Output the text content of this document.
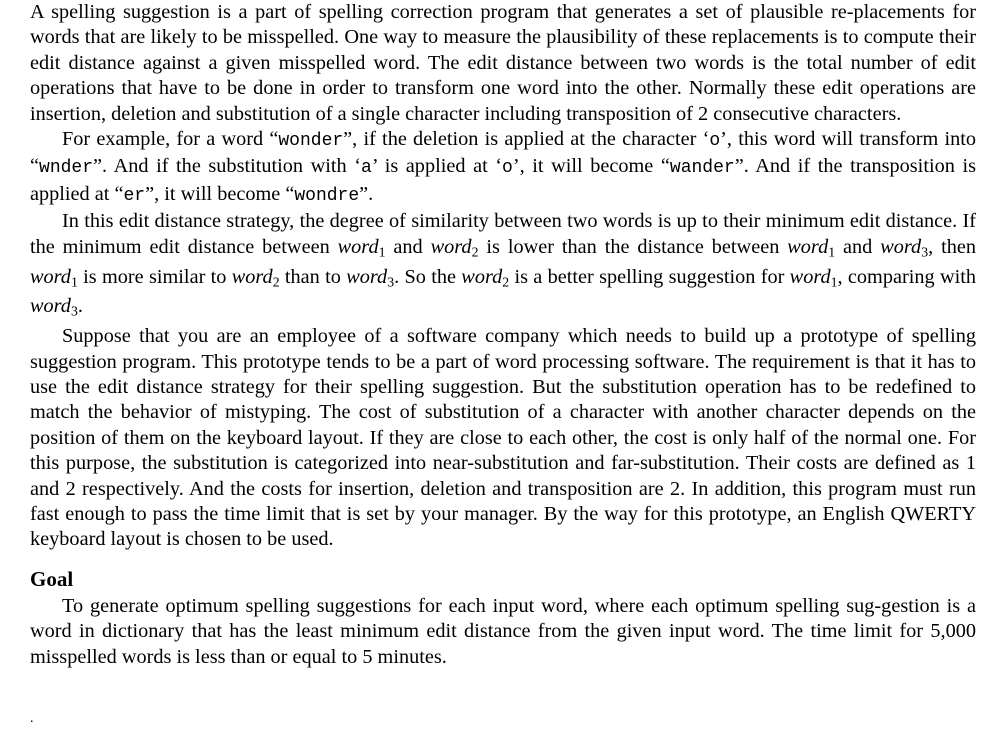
A spelling suggestion is a part of spelling correction program that generates a set of plausible re-placements for words that are likely to be misspelled. One way to measure the plausibility of these replacements is to compute their edit distance against a given misspelled word. The edit distance between two words is the total number of edit operations that have to be done in order to transform one word into the other. Normally these edit operations are insertion, deletion and substitution of a single character including transposition of 2 consecutive characters.

For example, for a word “wonder”, if the deletion is applied at the character ‘o’, this word will transform into “wnder”. And if the substitution with ‘a’ is applied at ‘o’, it will become “wander”. And if the transposition is applied at “er”, it will become “wondre”.

In this edit distance strategy, the degree of similarity between two words is up to their minimum edit distance. If the minimum edit distance between word$_1$ and word$_2$ is lower than the distance between word$_1$ and word$_3$, then word$_1$ is more similar to word$_2$ than to word$_3$. So the word$_2$ is a better spelling suggestion for word$_1$, comparing with word$_3$.

Suppose that you are an employee of a software company which needs to build up a prototype of spelling suggestion program. This prototype tends to be a part of word processing software. The requirement is that it has to use the edit distance strategy for their spelling suggestion. But the substitution operation has to be redefined to match the behavior of mistyping. The cost of substitution of a character with another character depends on the position of them on the keyboard layout. If they are close to each other, the cost is only half of the normal one. For this purpose, the substitution is categorized into near-substitution and far-substitution. Their costs are defined as 1 and 2 respectively. And the costs for insertion, deletion and transposition are 2. In addition, this program must run fast enough to pass the time limit that is set by your manager. By the way for this prototype, an English QWERTY keyboard layout is chosen to be used.

Goal

To generate optimum spelling suggestions for each input word, where each optimum spelling sug-gestion is a word in dictionary that has the least minimum edit distance from the given input word. The time limit for 5,000 misspelled words is less than or equal to 5 minutes.

.
